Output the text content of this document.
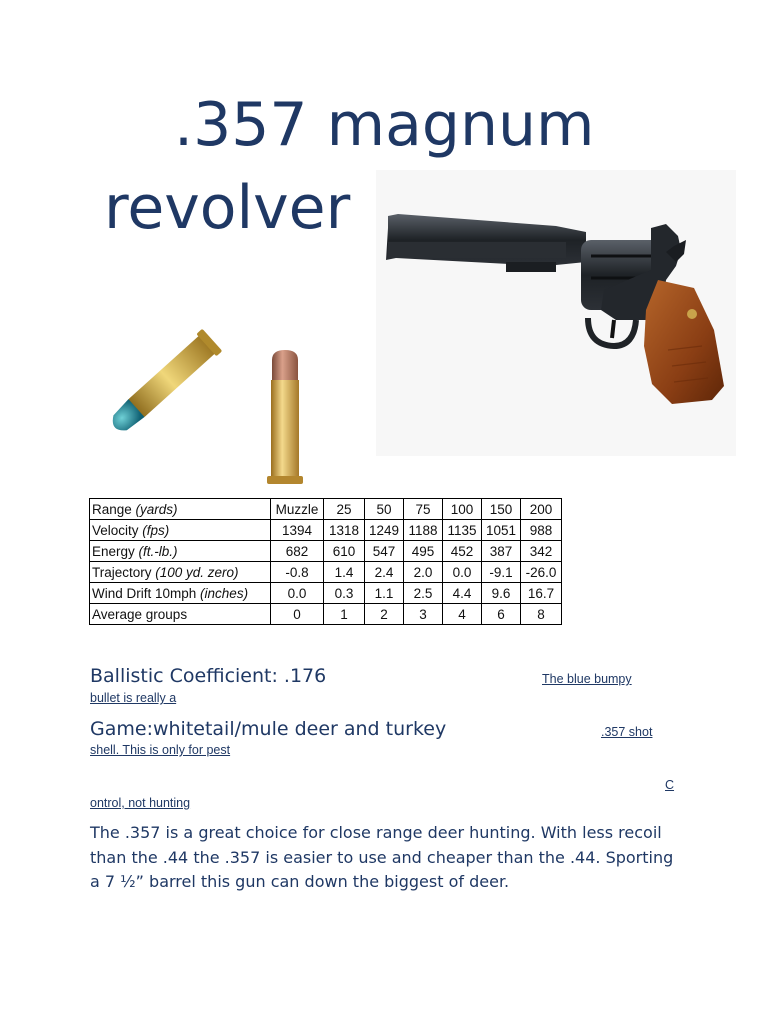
.357 magnum
revolver
Range (yards)	Muzzle	25	50	75	100	150	200
Velocity (fps)	1394	1318	1249	1188	1135	1051	988
Energy (ft.-lb.)	682	610	547	495	452	387	342
Trajectory (100 yd. zero)	-0.8	1.4	2.4	2.0	0.0	-9.1	-26.0
Wind Drift 10mph (inches)	0.0	0.3	1.1	2.5	4.4	9.6	16.7
Average groups	0	1	2	3	4	6	8
Ballistic Coefficient: .176	The blue bumpy
bullet is really a
Game:whitetail/mule deer and turkey	.357 shot
shell. This is only for pest
C
ontrol, not hunting

The .357 is a great choice for close range deer hunting. With less recoil than the .44 the .357 is easier to use and cheaper than the .44. Sporting a 7 ½” barrel this gun can down the biggest of deer.
